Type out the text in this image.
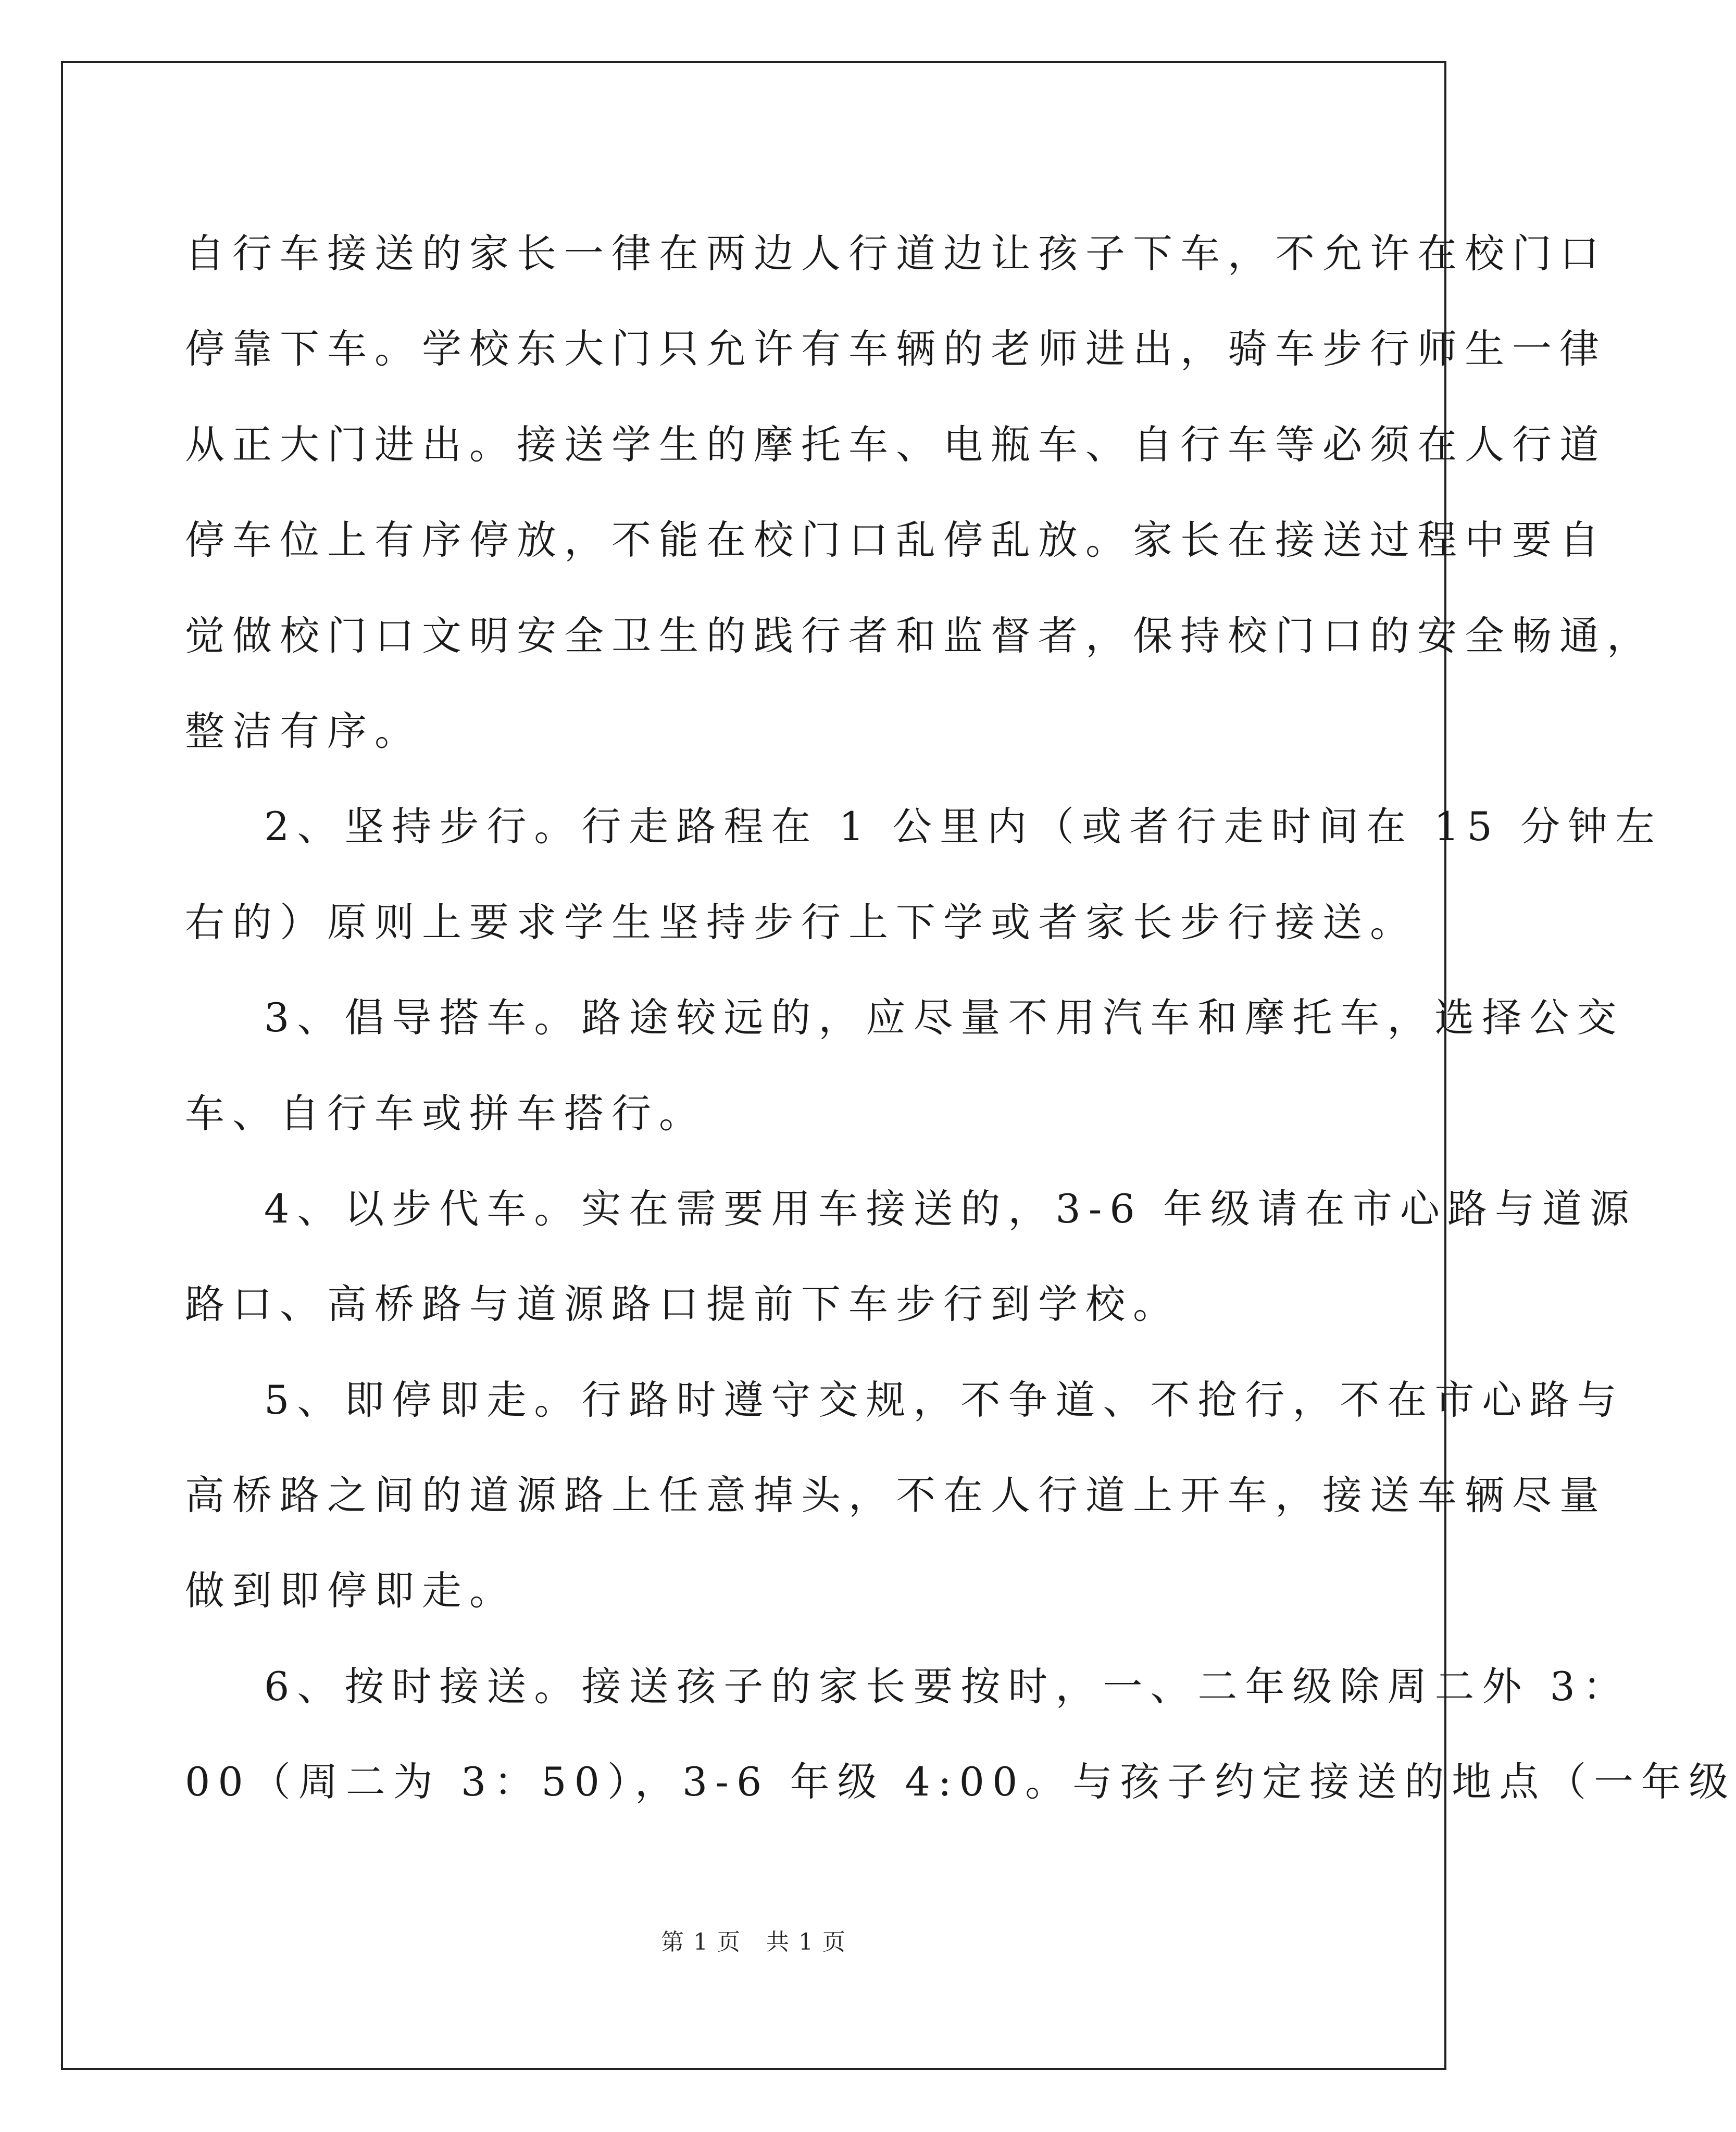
自行车接送的家长一律在两边人行道边让孩子下车，不允许在校门口
停靠下车。学校东大门只允许有车辆的老师进出，骑车步行师生一律
从正大门进出。接送学生的摩托车、电瓶车、自行车等必须在人行道
停车位上有序停放，不能在校门口乱停乱放。家长在接送过程中要自
觉做校门口文明安全卫生的践行者和监督者，保持校门口的安全畅通，
整洁有序。
2、坚持步行。行走路程在 1 公里内（或者行走时间在 15 分钟左
右的）原则上要求学生坚持步行上下学或者家长步行接送。
3、倡导搭车。路途较远的，应尽量不用汽车和摩托车，选择公交
车、自行车或拼车搭行。
4、以步代车。实在需要用车接送的，3-6 年级请在市心路与道源
路口、高桥路与道源路口提前下车步行到学校。
5、即停即走。行路时遵守交规，不争道、不抢行，不在市心路与
高桥路之间的道源路上任意掉头，不在人行道上开车，接送车辆尽量
做到即停即走。
6、按时接送。接送孩子的家长要按时，一、二年级除周二外 3：
00（周二为 3：50），3-6 年级 4:00。与孩子约定接送的地点（一年级
第 1 页   共 1 页
